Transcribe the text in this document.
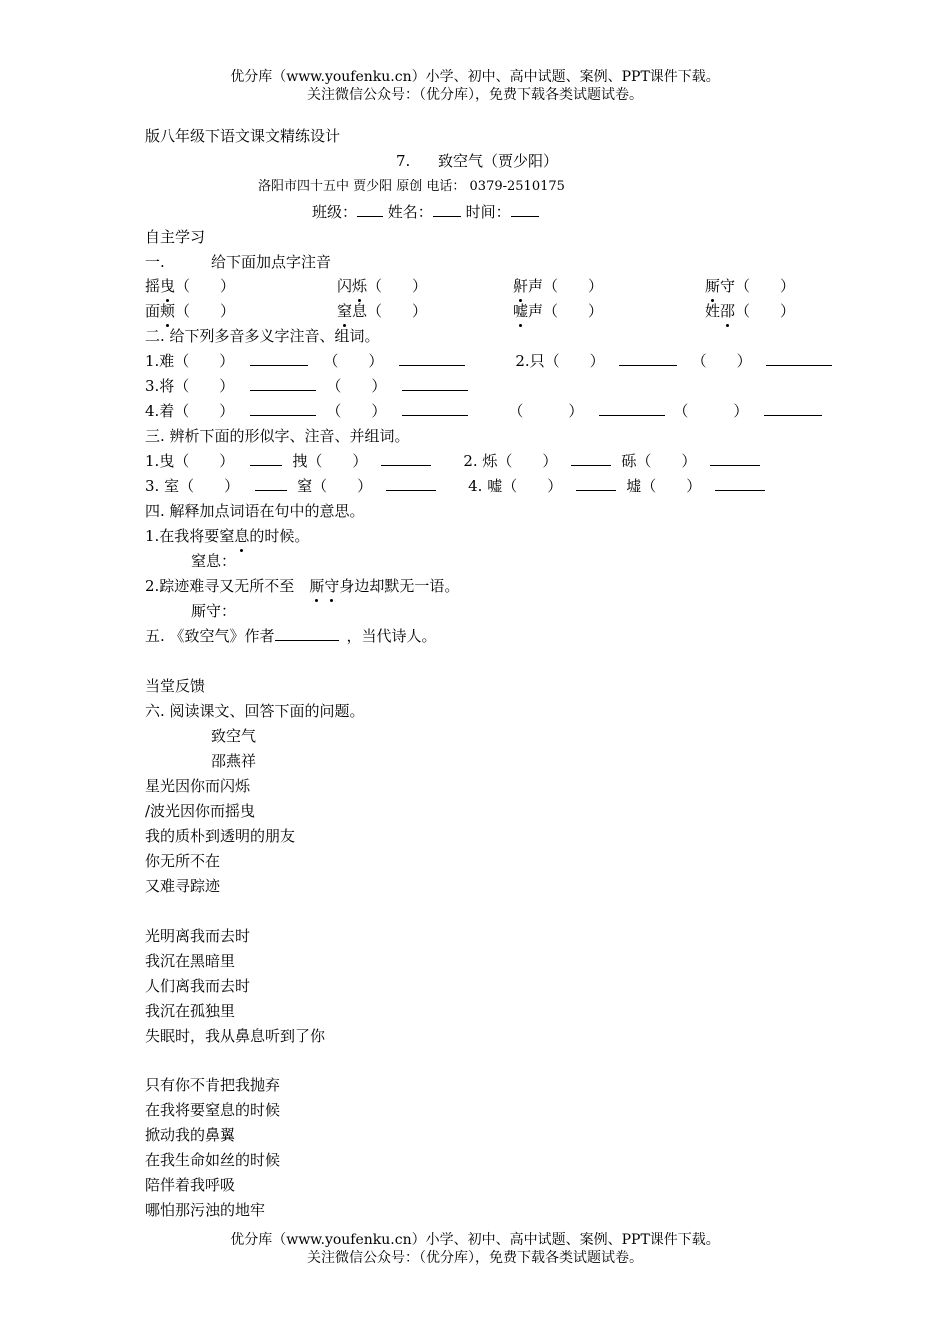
优分库（www.youfenku.cn）小学、初中、高中试题、案例、PPT课件下载。
关注微信公众号：（优分库），免费下载各类试题试卷。
版八年级下语文课文精练设计
7. 致空气（贾少阳）
洛阳市四十五中 贾少阳 原创 电话： 0379-2510175
班级： 姓名： 时间：
自主学习
一.	给下面加点字注音
摇曳（　　）	闪烁（　　）	鼾声（　　）	厮守（　　）
面颊（　　）	窒息（　　）	嘘声（　　）	姓邵（　　）
二. 给下列多音多义字注音、组词。
1.难（　　）	（　　）	2.只（　　）	（　　）
3.将（　　）	（　　）
4.着（　　）	（　　）	（　　　）	（　　　）
三. 辨析下面的形似字、注音、并组词。
1.曳（　　）	拽（　　）	2. 烁（　　）	砾（　　）
3. 室（　　）	窒（　　）	4. 嘘（　　）	墟（　　）
四. 解释加点词语在句中的意思。
1.在我将要窒息的时候。
窒息：
2.踪迹难寻又无所不至　厮守身边却默无一语。
厮守：
五. 《致空气》作者	，当代诗人。
当堂反馈
六. 阅读课文、回答下面的问题。
致空气
邵燕祥
星光因你而闪烁
/波光因你而摇曳
我的质朴到透明的朋友
你无所不在
又难寻踪迹
光明离我而去时
我沉在黑暗里
人们离我而去时
我沉在孤独里
失眠时，我从鼻息听到了你
只有你不肯把我抛弃
在我将要窒息的时候
掀动我的鼻翼
在我生命如丝的时候
陪伴着我呼吸
哪怕那污浊的地牢
优分库（www.youfenku.cn）小学、初中、高中试题、案例、PPT课件下载。
关注微信公众号：（优分库），免费下载各类试题试卷。
